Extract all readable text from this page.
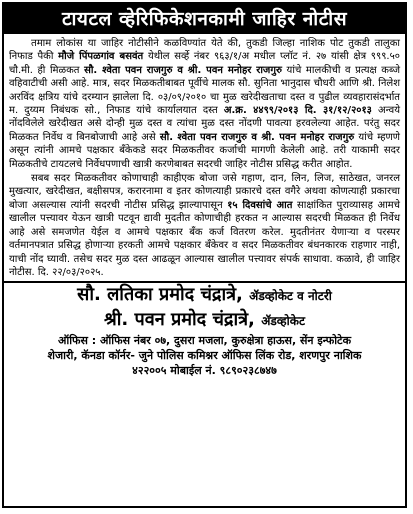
टायटल व्हेरिफिकेशनकामी जाहिर नोटीस

तमाम लोकांस या जाहिर नोटीसीने कळविण्यांत येते की, तुकडी जिल्हा नाशिक पोट तुकडी तालुका निफाड पैकी मौजे पिंपळगांव बसवंत येथील सर्व्हे नंबर ९६३/१/अ मधील प्लॉट नं. २७ यांसी क्षेत्र ९९९.५० चौ.मी. ही मिळकत सौ. श्वेता पवन राजगुरु व श्री. पवन मनोहर राजगुरु यांचे मालकीची व प्रत्यक्ष कब्जे वहिवाटीची असी आहे. मात्र, सदर मिळकतीबाबत पूर्वीचे मालक सौ. सुनिता भानुदास चौधरी आणि श्री. निलेश अरविंद क्षत्रिय यांचे दरम्यान झालेला दि. ०३/०९/२०१० चा मुळ खरेदीखताचा दस्त व पुढील व्यवहारासंदर्भात म. दुय्यम निबंधक सो., निफाड यांचे कार्यालयात दस्त अ.क्र. ४४९९/२०१३ दि. ३१/१२/२०१३ अन्वये नोंदविलेले खरेदीखत असे दोन्ही मुळ दस्त व त्यांचा मुळ दस्त नोंदणी पावत्या हरवलेल्या आहेत. परंतु सदर मिळकत निर्वेध व बिनबोजाची आहे असे सौ. श्वेता पवन राजगुरु व श्री. पवन मनोहर राजगुरु यांचे म्हणणे असून त्यांनी आमचे पक्षकार बँकेकडे सदर मिळकतीवर कर्जाची मागणी केलेली आहे. तरी याकामी सदर मिळकतीचे टायटलचे निर्वेधपणाची खात्री करणेबाबत सदरची जाहिर नोटीस प्रसिद्ध करीत आहोत.

सबब सदर मिळकतीवर कोणाचाही काहीएक बोजा जसे गहाण, दान, लिन, लिज, साठेखत, जनरल मुखत्यार, खरेदीखत, बक्षीसपत्र, करारनामा व इतर कोणत्याही प्रकारचे दस्त वगैरे अथवा कोणत्याही प्रकारचा बोजा असल्यास त्यांनी सदरची नोटीस प्रसिद्ध झाल्यापासून १५ दिवसांचे आत साक्षांकित पुराव्यासह आमचे खालील पत्त्यावर येऊन खात्री पटवून द्यावी मुदतीत कोणाचीही हरकत न आल्यास सदरची मिळकत ही निर्वेध आहे असे समजणेत येईल व आमचे पक्षकार बँक कर्ज वितरण करेल. मुदतीनंतर येणाऱ्या व परस्पर वर्तमानपत्रात प्रसिद्ध होणाऱ्या हरकती आमचे पक्षकार बँकेवर व सदर मिळकतीवर बंधनकारक राहणार नाही, याची नोंद घ्यावी. तसेच सदर मुळ दस्त आढळून आल्यास खालील पत्त्यावर संपर्क साधावा. कळावे, ही जाहिर नोटीस. दि. २२/०३/२०२५.

सौ. लतिका प्रमोद चंद्रात्रे, ॲडव्होकेट व नोटरी
श्री. पवन प्रमोद चंद्रात्रे, ॲडव्होकेट
ऑफिस : ऑफिस नंबर ०७, दुसरा मजला, कुरुक्षेत्रा हाऊस, सेंन इन्फोटेक
शेजारी, कॅनडा कॉर्नर- जुने पोलिस कमिश्नर ऑफिस लिंक रोड, शरणपुर नाशिक
४२२००५ मोबाईल नं. ९८९०२३८७४७
